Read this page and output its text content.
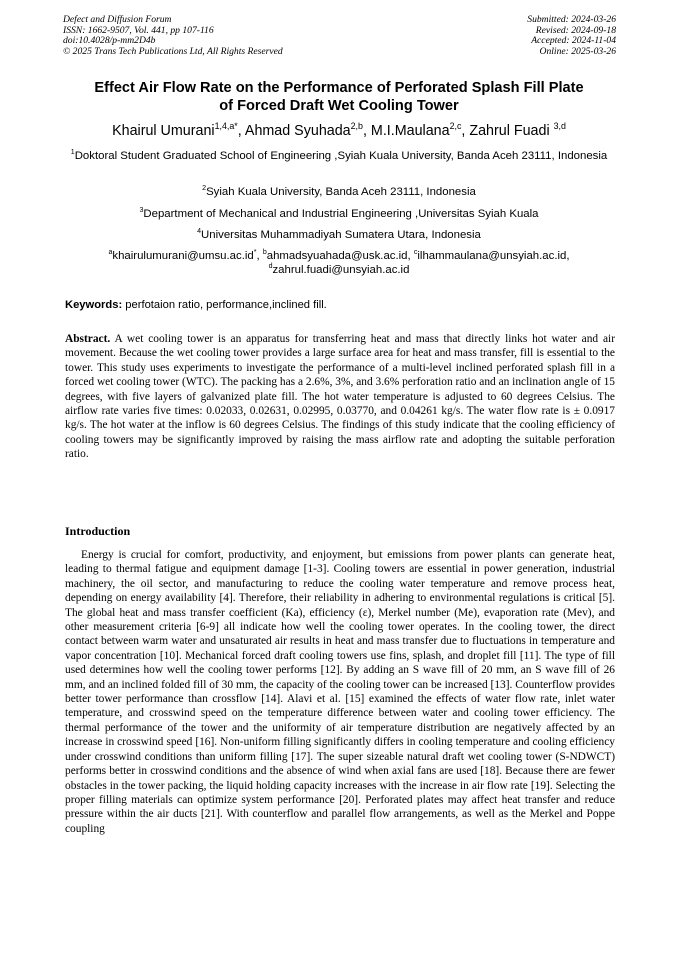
Defect and Diffusion Forum
ISSN: 1662-9507, Vol. 441, pp 107-116
doi:10.4028/p-mm2D4b
© 2025 Trans Tech Publications Ltd, All Rights Reserved
Submitted: 2024-03-26
Revised: 2024-09-18
Accepted: 2024-11-04
Online: 2025-03-26
Effect Air Flow Rate on the Performance of Perforated Splash Fill Plate
of Forced Draft Wet Cooling Tower
Khairul Umurani$^{1,4,a*}$, Ahmad Syuhada$^{2,b}$, M.I.Maulana$^{2,c}$, Zahrul Fuadi $^{3,d}$
$^1$Doktoral Student Graduated School of Engineering ,Syiah Kuala University, Banda Aceh 23111, Indonesia
$^2$Syiah Kuala University, Banda Aceh 23111, Indonesia
$^3$Department of Mechanical and Industrial Engineering ,Universitas Syiah Kuala
$^4$Universitas Muhammadiyah Sumatera Utara, Indonesia
$^a$khairulumurani@umsu.ac.id*, $^b$ahmadsyuahada@usk.ac.id, $^c$ilhammaulana@unsyiah.ac.id,
$^d$zahrul.fuadi@unsyiah.ac.id
Keywords: perfotaion ratio, performance,inclined fill.
Abstract. A wet cooling tower is an apparatus for transferring heat and mass that directly links hot water and air movement. Because the wet cooling tower provides a large surface area for heat and mass transfer, fill is essential to the tower. This study uses experiments to investigate the performance of a multi-level inclined perforated splash fill in a forced wet cooling tower (WTC). The packing has a 2.6%, 3%, and 3.6% perforation ratio and an inclination angle of 15 degrees, with five layers of galvanized plate fill. The hot water temperature is adjusted to 60 degrees Celsius. The airflow rate varies five times: 0.02033, 0.02631, 0.02995, 0.03770, and 0.04261 kg/s. The water flow rate is ± 0.0917 kg/s. The hot water at the inflow is 60 degrees Celsius. The findings of this study indicate that the cooling efficiency of cooling towers may be significantly improved by raising the mass airflow rate and adopting the suitable perforation ratio.
Introduction

Energy is crucial for comfort, productivity, and enjoyment, but emissions from power plants can generate heat, leading to thermal fatigue and equipment damage [1-3]. Cooling towers are essential in power generation, industrial machinery, the oil sector, and manufacturing to reduce the cooling water temperature and remove process heat, depending on energy availability [4]. Therefore, their reliability in adhering to environmental regulations is critical [5]. The global heat and mass transfer coefficient (Ka), efficiency (ε), Merkel number (Me), evaporation rate (Mev), and other measurement criteria [6-9] all indicate how well the cooling tower operates. In the cooling tower, the direct contact between warm water and unsaturated air results in heat and mass transfer due to fluctuations in temperature and vapor concentration [10]. Mechanical forced draft cooling towers use fins, splash, and droplet fill [11]. The type of fill used determines how well the cooling tower performs [12]. By adding an S wave fill of 20 mm, an S wave fill of 26 mm, and an inclined folded fill of 30 mm, the capacity of the cooling tower can be increased [13]. Counterflow provides better tower performance than crossflow [14]. Alavi et al. [15] examined the effects of water flow rate, inlet water temperature, and crosswind speed on the temperature difference between water and cooling tower efficiency. The thermal performance of the tower and the uniformity of air temperature distribution are negatively affected by an increase in crosswind speed [16]. Non-uniform filling significantly differs in cooling temperature and cooling efficiency under crosswind conditions than uniform filling [17]. The super sizeable natural draft wet cooling tower (S-NDWCT) performs better in crosswind conditions and the absence of wind when axial fans are used [18]. Because there are fewer obstacles in the tower packing, the liquid holding capacity increases with the increase in air flow rate [19]. Selecting the proper filling materials can optimize system performance [20]. Perforated plates may affect heat transfer and reduce pressure within the air ducts [21]. With counterflow and parallel flow arrangements, as well as the Merkel and Poppe coupling
